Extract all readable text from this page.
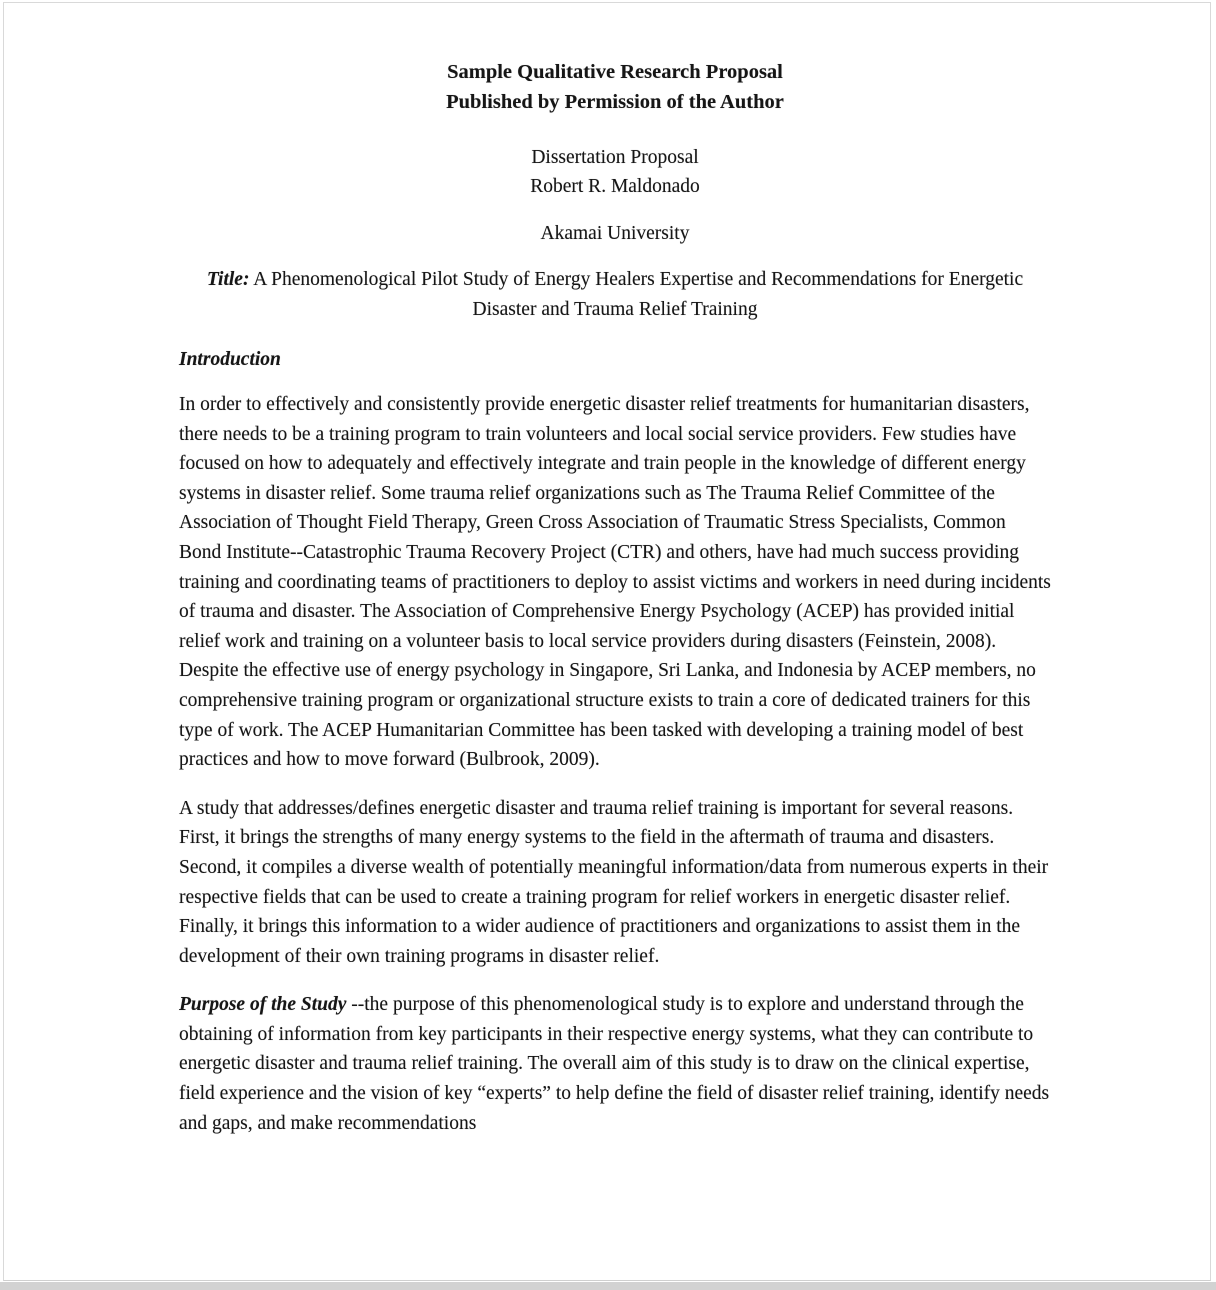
Sample Qualitative Research Proposal
Published by Permission of the Author
Dissertation Proposal
Robert R. Maldonado
Akamai University
Title: A Phenomenological Pilot Study of Energy Healers Expertise and Recommendations for Energetic Disaster and Trauma Relief Training
Introduction
In order to effectively and consistently provide energetic disaster relief treatments for humanitarian disasters, there needs to be a training program to train volunteers and local social service providers. Few studies have focused on how to adequately and effectively integrate and train people in the knowledge of different energy systems in disaster relief. Some trauma relief organizations such as The Trauma Relief Committee of the Association of Thought Field Therapy, Green Cross Association of Traumatic Stress Specialists, Common Bond Institute--Catastrophic Trauma Recovery Project (CTR) and others, have had much success providing training and coordinating teams of practitioners to deploy to assist victims and workers in need during incidents of trauma and disaster. The Association of Comprehensive Energy Psychology (ACEP) has provided initial relief work and training on a volunteer basis to local service providers during disasters (Feinstein, 2008). Despite the effective use of energy psychology in Singapore, Sri Lanka, and Indonesia by ACEP members, no comprehensive training program or organizational structure exists to train a core of dedicated trainers for this type of work. The ACEP Humanitarian Committee has been tasked with developing a training model of best practices and how to move forward (Bulbrook, 2009).
A study that addresses/defines energetic disaster and trauma relief training is important for several reasons. First, it brings the strengths of many energy systems to the field in the aftermath of trauma and disasters. Second, it compiles a diverse wealth of potentially meaningful information/data from numerous experts in their respective fields that can be used to create a training program for relief workers in energetic disaster relief. Finally, it brings this information to a wider audience of practitioners and organizations to assist them in the development of their own training programs in disaster relief.
Purpose of the Study --the purpose of this phenomenological study is to explore and understand through the obtaining of information from key participants in their respective energy systems, what they can contribute to energetic disaster and trauma relief training. The overall aim of this study is to draw on the clinical expertise, field experience and the vision of key “experts” to help define the field of disaster relief training, identify needs and gaps, and make recommendations
